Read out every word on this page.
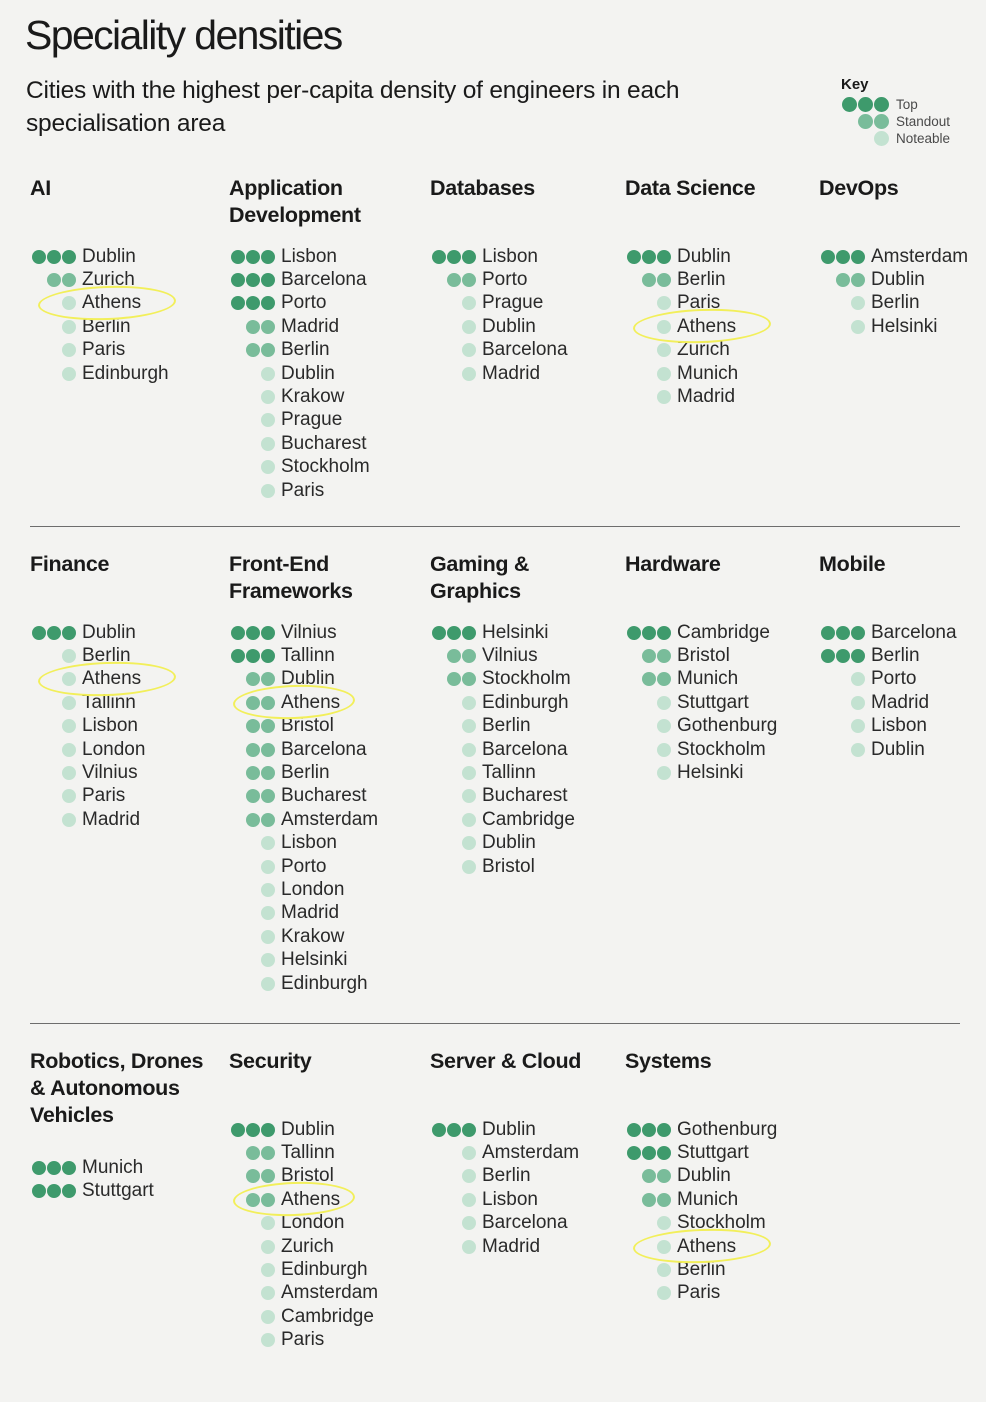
Speciality densities
Cities with the highest per-capita density of engineers in each specialisation area
Key
Top
Standout
Noteable
AI
Dublin
Zurich
Athens
Berlin
Paris
Edinburgh
Application
Development
Lisbon
Barcelona
Porto
Madrid
Berlin
Dublin
Krakow
Prague
Bucharest
Stockholm
Paris
Databases
Lisbon
Porto
Prague
Dublin
Barcelona
Madrid
Data Science
Dublin
Berlin
Paris
Athens
Zurich
Munich
Madrid
DevOps
Amsterdam
Dublin
Berlin
Helsinki
Finance
Dublin
Berlin
Athens
Tallinn
Lisbon
London
Vilnius
Paris
Madrid
Front-End
Frameworks
Vilnius
Tallinn
Dublin
Athens
Bristol
Barcelona
Berlin
Bucharest
Amsterdam
Lisbon
Porto
London
Madrid
Krakow
Helsinki
Edinburgh
Gaming &
Graphics
Helsinki
Vilnius
Stockholm
Edinburgh
Berlin
Barcelona
Tallinn
Bucharest
Cambridge
Dublin
Bristol
Hardware
Cambridge
Bristol
Munich
Stuttgart
Gothenburg
Stockholm
Helsinki
Mobile
Barcelona
Berlin
Porto
Madrid
Lisbon
Dublin
Robotics, Drones
& Autonomous
Vehicles
Munich
Stuttgart
Security
Dublin
Tallinn
Bristol
Athens
London
Zurich
Edinburgh
Amsterdam
Cambridge
Paris
Server & Cloud
Dublin
Amsterdam
Berlin
Lisbon
Barcelona
Madrid
Systems
Gothenburg
Stuttgart
Dublin
Munich
Stockholm
Athens
Berlin
Paris
